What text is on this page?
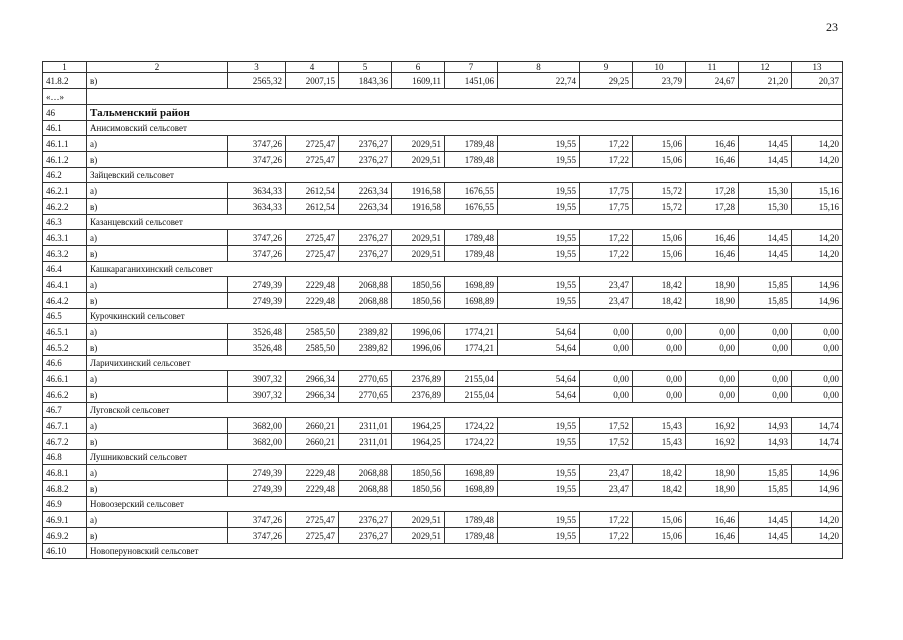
23
1	2	3	4	5	6	7	8	9	10	11	12	13
41.8.2	в)	2565,32	2007,15	1843,36	1609,11	1451,06	22,74	29,25	23,79	24,67	21,20	20,37
«…»												
46	Тальменский район											
46.1	Анисимовский сельсовет											
46.1.1	а)	3747,26	2725,47	2376,27	2029,51	1789,48	19,55	17,22	15,06	16,46	14,45	14,20
46.1.2	в)	3747,26	2725,47	2376,27	2029,51	1789,48	19,55	17,22	15,06	16,46	14,45	14,20
46.2	Зайцевский сельсовет											
46.2.1	а)	3634,33	2612,54	2263,34	1916,58	1676,55	19,55	17,75	15,72	17,28	15,30	15,16
46.2.2	в)	3634,33	2612,54	2263,34	1916,58	1676,55	19,55	17,75	15,72	17,28	15,30	15,16
46.3	Казанцевский сельсовет											
46.3.1	а)	3747,26	2725,47	2376,27	2029,51	1789,48	19,55	17,22	15,06	16,46	14,45	14,20
46.3.2	в)	3747,26	2725,47	2376,27	2029,51	1789,48	19,55	17,22	15,06	16,46	14,45	14,20
46.4	Кашкараганихинский сельсовет											
46.4.1	а)	2749,39	2229,48	2068,88	1850,56	1698,89	19,55	23,47	18,42	18,90	15,85	14,96
46.4.2	в)	2749,39	2229,48	2068,88	1850,56	1698,89	19,55	23,47	18,42	18,90	15,85	14,96
46.5	Курочкинский сельсовет											
46.5.1	а)	3526,48	2585,50	2389,82	1996,06	1774,21	54,64	0,00	0,00	0,00	0,00	0,00
46.5.2	в)	3526,48	2585,50	2389,82	1996,06	1774,21	54,64	0,00	0,00	0,00	0,00	0,00
46.6	Ларичихинский сельсовет											
46.6.1	а)	3907,32	2966,34	2770,65	2376,89	2155,04	54,64	0,00	0,00	0,00	0,00	0,00
46.6.2	в)	3907,32	2966,34	2770,65	2376,89	2155,04	54,64	0,00	0,00	0,00	0,00	0,00
46.7	Луговской сельсовет											
46.7.1	а)	3682,00	2660,21	2311,01	1964,25	1724,22	19,55	17,52	15,43	16,92	14,93	14,74
46.7.2	в)	3682,00	2660,21	2311,01	1964,25	1724,22	19,55	17,52	15,43	16,92	14,93	14,74
46.8	Лушниковский сельсовет											
46.8.1	а)	2749,39	2229,48	2068,88	1850,56	1698,89	19,55	23,47	18,42	18,90	15,85	14,96
46.8.2	в)	2749,39	2229,48	2068,88	1850,56	1698,89	19,55	23,47	18,42	18,90	15,85	14,96
46.9	Новоозерский сельсовет											
46.9.1	а)	3747,26	2725,47	2376,27	2029,51	1789,48	19,55	17,22	15,06	16,46	14,45	14,20
46.9.2	в)	3747,26	2725,47	2376,27	2029,51	1789,48	19,55	17,22	15,06	16,46	14,45	14,20
46.10	Новоперуновский сельсовет											
